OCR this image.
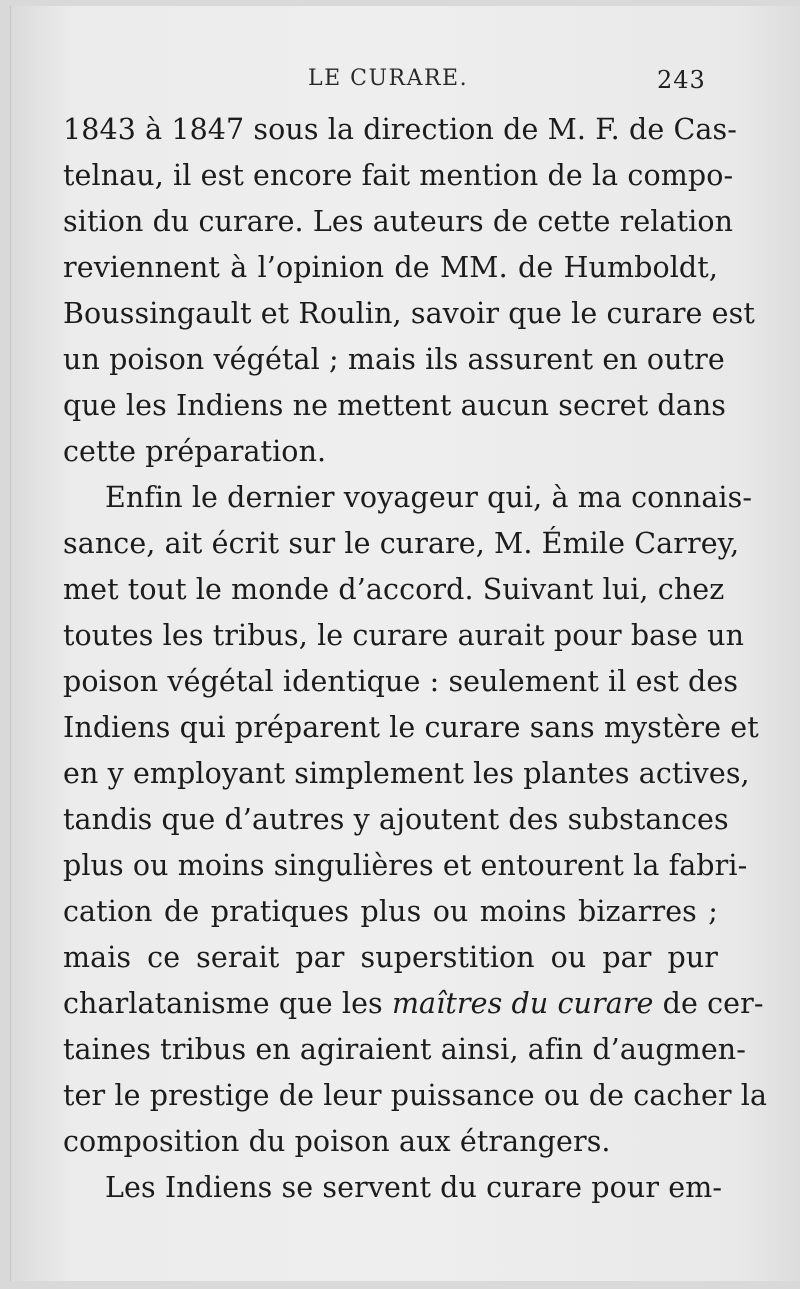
LE CURARE.	243
1843 à 1847 sous la direction de M. F. de Cas-
telnau, il est encore fait mention de la compo-
sition du curare. Les auteurs de cette relation
reviennent à l’opinion de MM. de Humboldt,
Boussingault et Roulin, savoir que le curare est
un poison végétal ; mais ils assurent en outre
que les Indiens ne mettent aucun secret dans
cette préparation.
Enfin le dernier voyageur qui, à ma connais-
sance, ait écrit sur le curare, M. Émile Carrey,
met tout le monde d’accord. Suivant lui, chez
toutes les tribus, le curare aurait pour base un
poison végétal identique : seulement il est des
Indiens qui préparent le curare sans mystère et
en y employant simplement les plantes actives,
tandis que d’autres y ajoutent des substances
plus ou moins singulières et entourent la fabri-
cation de pratiques plus ou moins bizarres ;
mais ce serait par superstition ou par pur
charlatanisme que les maîtres du curare de cer-
taines tribus en agiraient ainsi, afin d’augmen-
ter le prestige de leur puissance ou de cacher la
composition du poison aux étrangers.
Les Indiens se servent du curare pour em-
